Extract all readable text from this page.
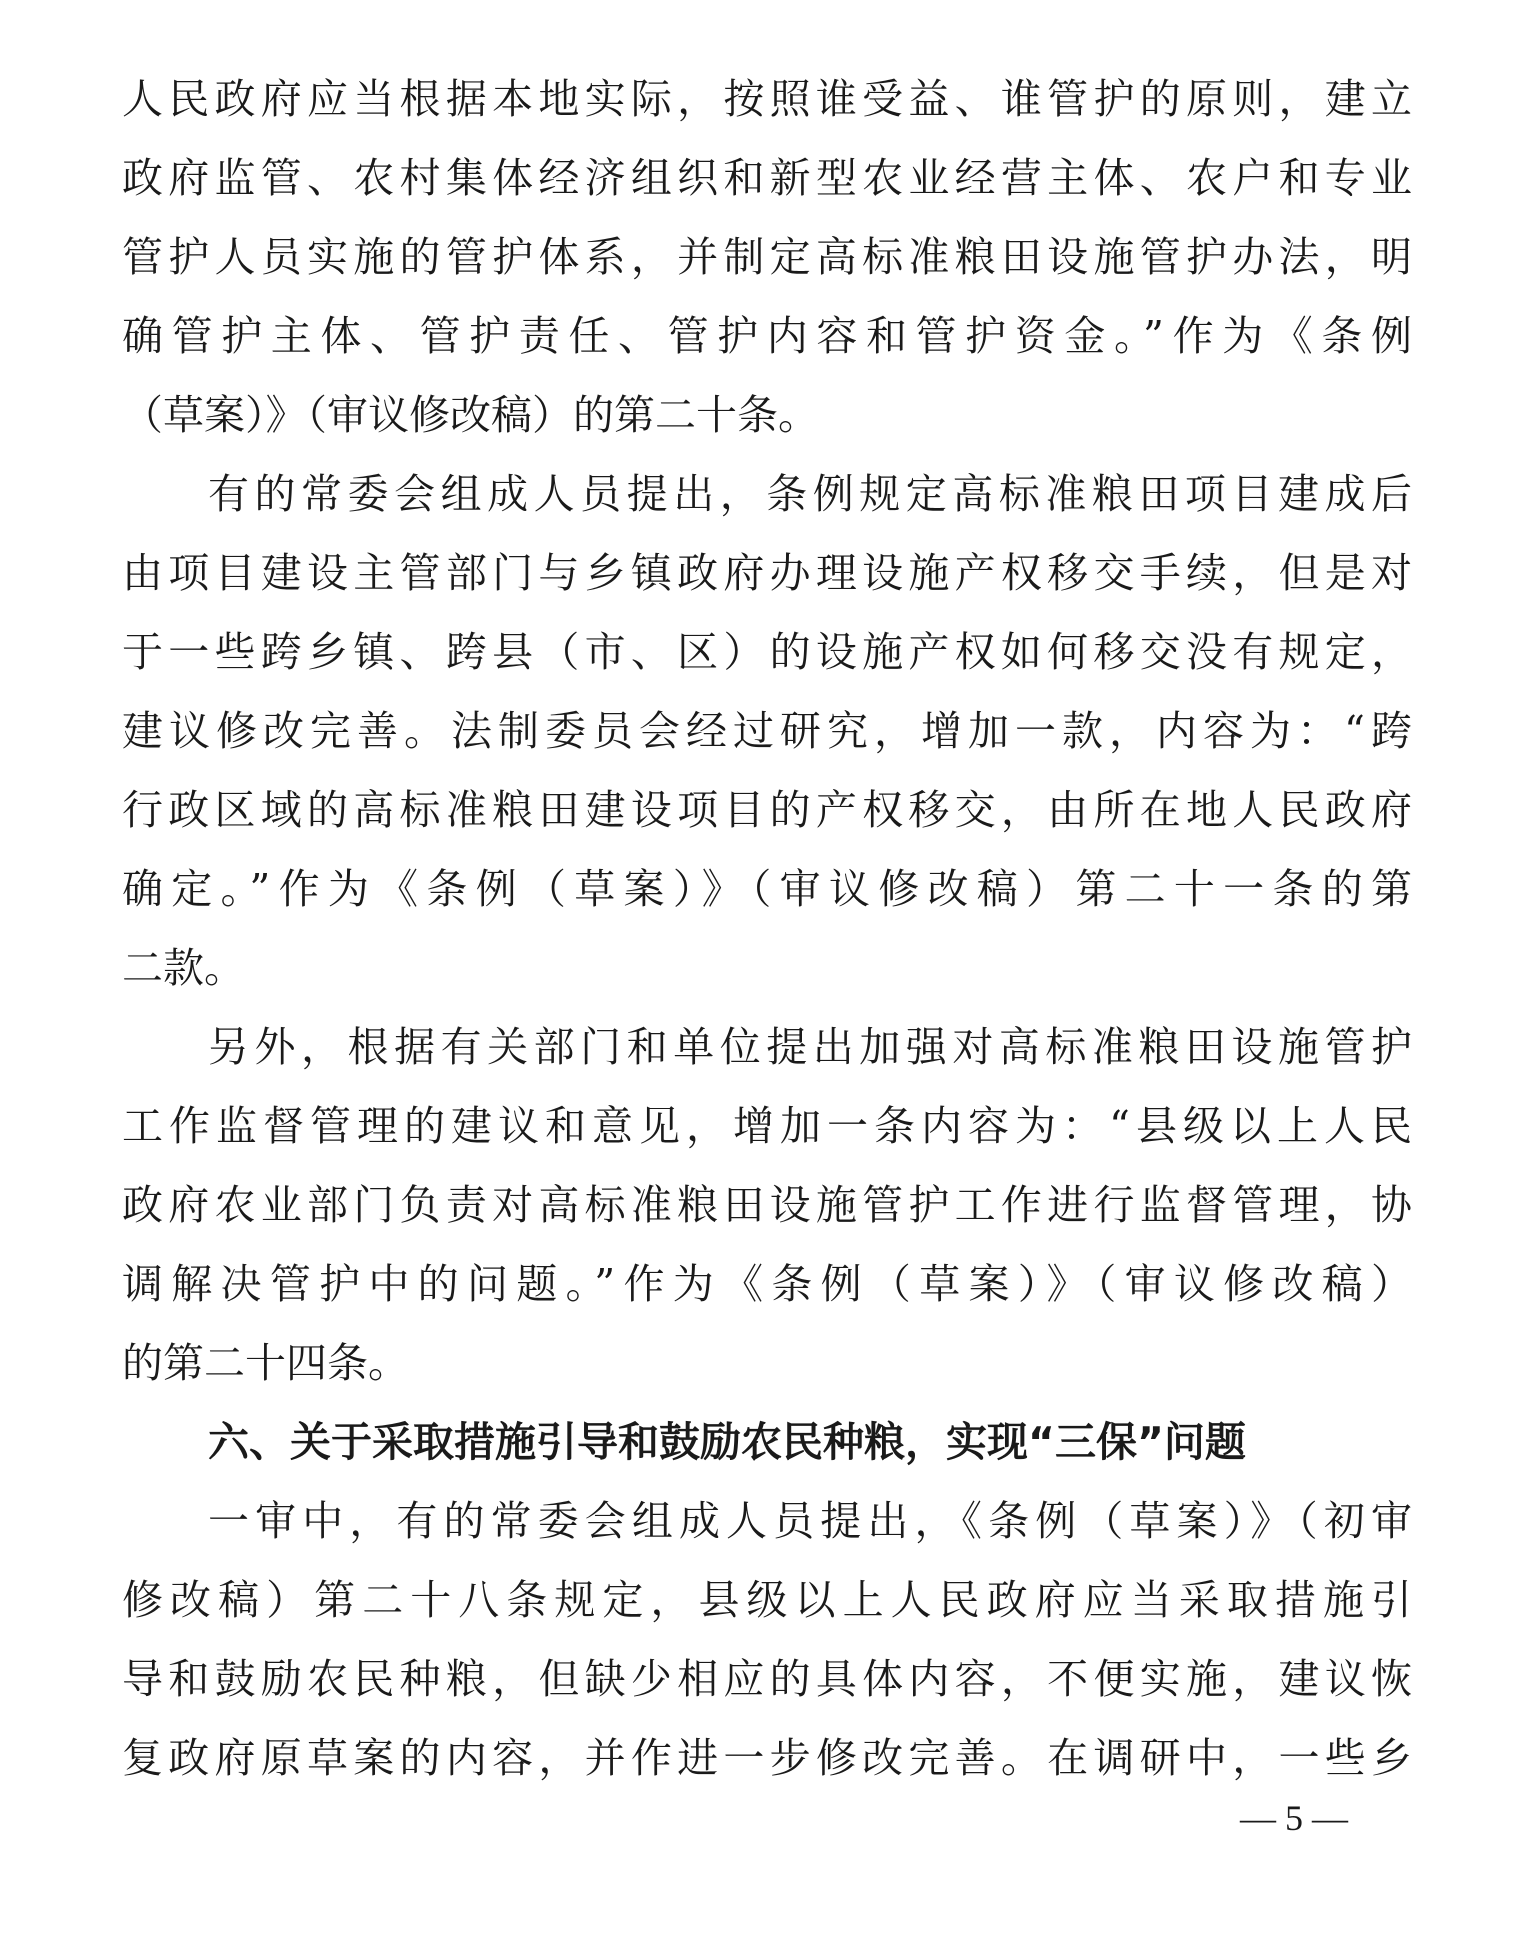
人民政府应当根据本地实际，按照谁受益、谁管护的原则，建立
政府监管、农村集体经济组织和新型农业经营主体、农户和专业
管护人员实施的管护体系，并制定高标准粮田设施管护办法，明
确管护主体、管护责任、管护内容和管护资金。”作为《条例
（草案）》（审议修改稿）的第二十条。
有的常委会组成人员提出，条例规定高标准粮田项目建成后
由项目建设主管部门与乡镇政府办理设施产权移交手续，但是对
于一些跨乡镇、跨县（市、区）的设施产权如何移交没有规定，
建议修改完善。法制委员会经过研究，增加一款，内容为：“跨
行政区域的高标准粮田建设项目的产权移交，由所在地人民政府
确定。”作为《条例（草案）》（审议修改稿）第二十一条的第
二款。
另外，根据有关部门和单位提出加强对高标准粮田设施管护
工作监督管理的建议和意见，增加一条内容为：“县级以上人民
政府农业部门负责对高标准粮田设施管护工作进行监督管理，协
调解决管护中的问题。”作为《条例（草案）》（审议修改稿）
的第二十四条。
六、关于采取措施引导和鼓励农民种粮，实现“三保”问题
一审中，有的常委会组成人员提出，《条例（草案）》（初审
修改稿）第二十八条规定，县级以上人民政府应当采取措施引
导和鼓励农民种粮，但缺少相应的具体内容，不便实施，建议恢
复政府原草案的内容，并作进一步修改完善。在调研中，一些乡
— 5 —
